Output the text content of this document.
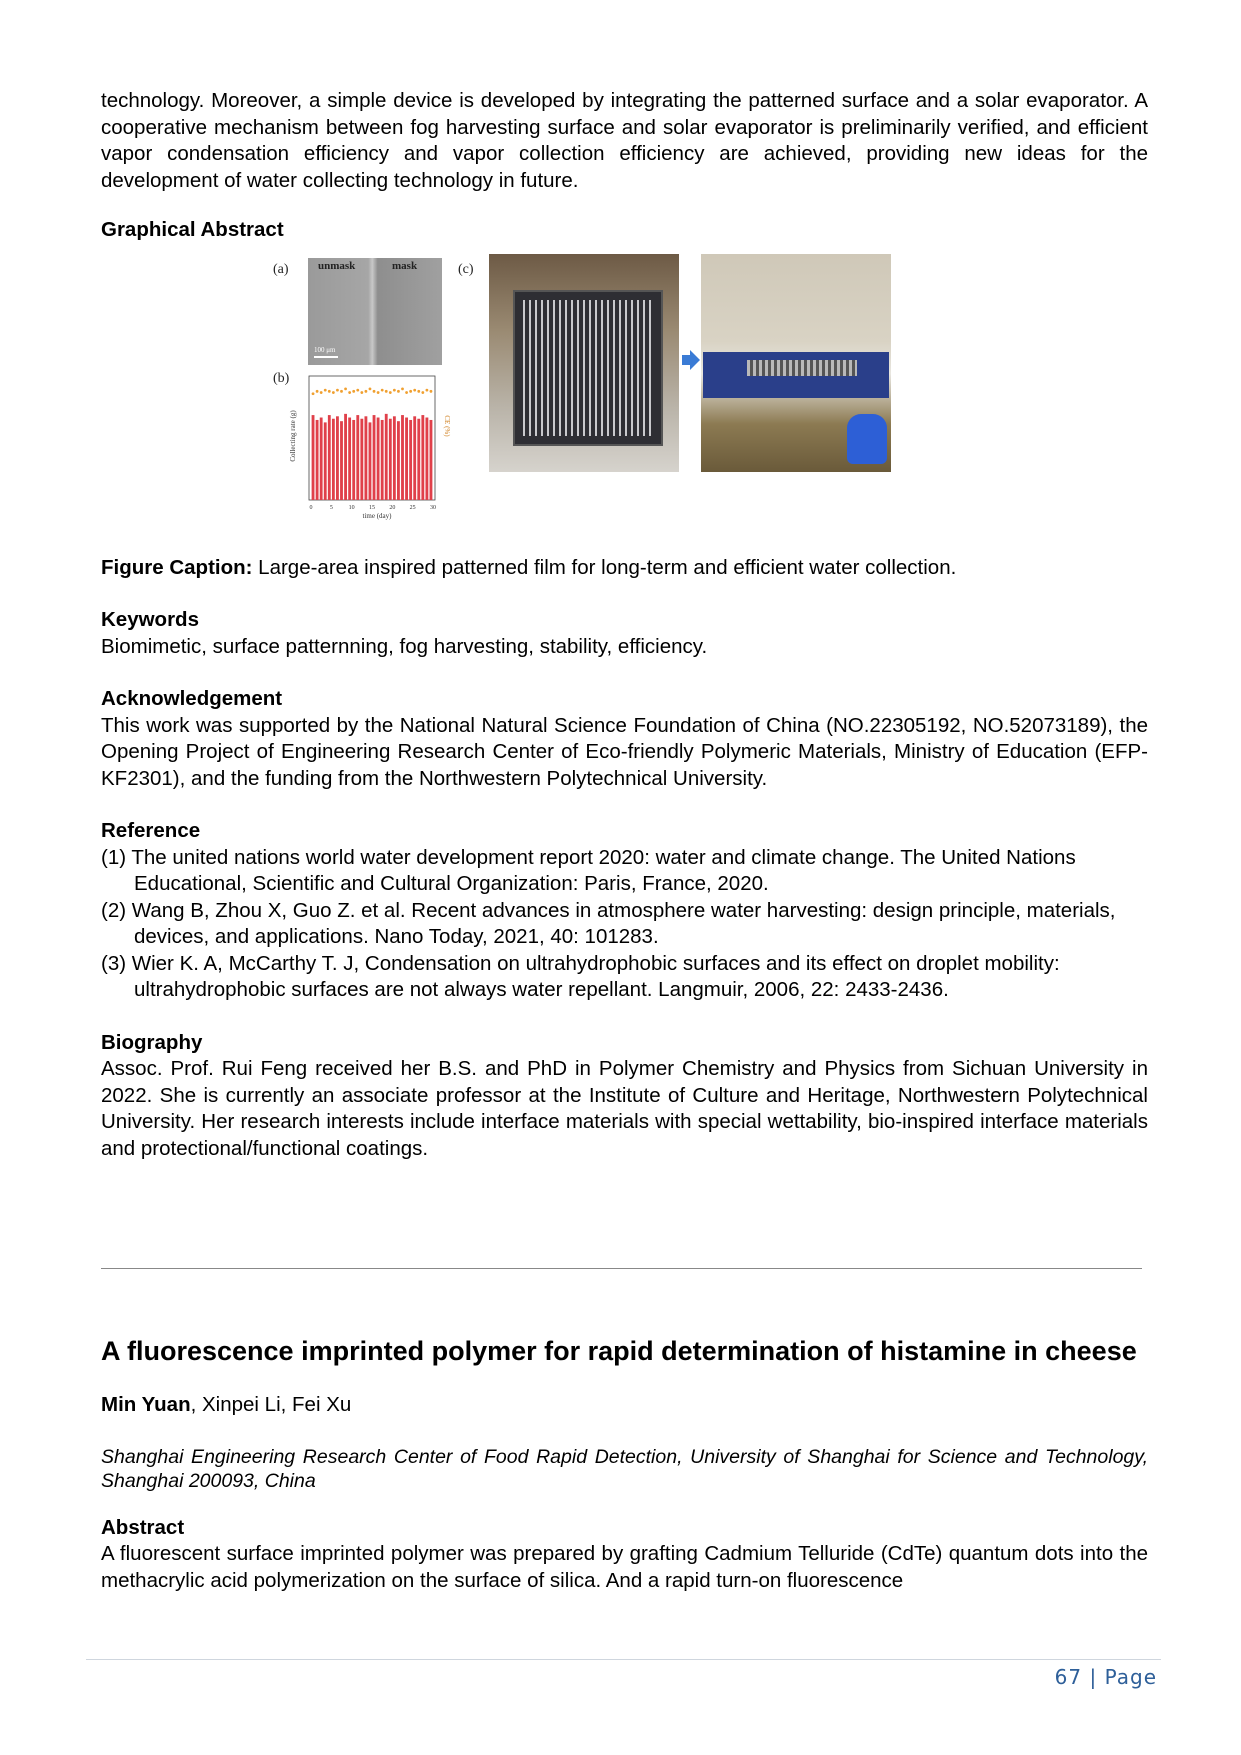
technology. Moreover, a simple device is developed by integrating the patterned surface and a solar evaporator. A cooperative mechanism between fog harvesting surface and solar evaporator is preliminarily verified, and efficient vapor condensation efficiency and vapor collection efficiency are achieved, providing new ideas for the development of water collecting technology in future.

Graphical Abstract
(a)	unmask	mask
100 μm
(b)
Collecting rate (g)	CE (%)
time (day)
0	5	10 15 20 25 30
(c)

Figure Caption: Large-area inspired patterned film for long-term and efficient water collection.

Keywords

Biomimetic, surface patternning, fog harvesting, stability, efficiency.

Acknowledgement

This work was supported by the National Natural Science Foundation of China (NO.22305192, NO.52073189), the Opening Project of Engineering Research Center of Eco-friendly Polymeric Materials, Ministry of Education (EFP-KF2301), and the funding from the Northwestern Polytechnical University.

Reference

(1) The united nations world water development report 2020: water and climate change. The United Nations Educational, Scientific and Cultural Organization: Paris, France, 2020.

(2) Wang B, Zhou X, Guo Z. et al. Recent advances in atmosphere water harvesting: design principle, materials, devices, and applications. Nano Today, 2021, 40: 101283.

(3) Wier K. A, McCarthy T. J, Condensation on ultrahydrophobic surfaces and its effect on droplet mobility: ultrahydrophobic surfaces are not always water repellant. Langmuir, 2006, 22: 2433-2436.

Biography

Assoc. Prof. Rui Feng received her B.S. and PhD in Polymer Chemistry and Physics from Sichuan University in 2022. She is currently an associate professor at the Institute of Culture and Heritage, Northwestern Polytechnical University. Her research interests include interface materials with special wettability, bio-inspired interface materials and protectional/functional coatings.

A fluorescence imprinted polymer for rapid determination of histamine in cheese

Min Yuan, Xinpei Li, Fei Xu

Shanghai Engineering Research Center of Food Rapid Detection, University of Shanghai for Science and Technology, Shanghai 200093, China

Abstract

A fluorescent surface imprinted polymer was prepared by grafting Cadmium Telluride (CdTe) quantum dots into the methacrylic acid polymerization on the surface of silica. And a rapid turn-on fluorescence

67 | Page
